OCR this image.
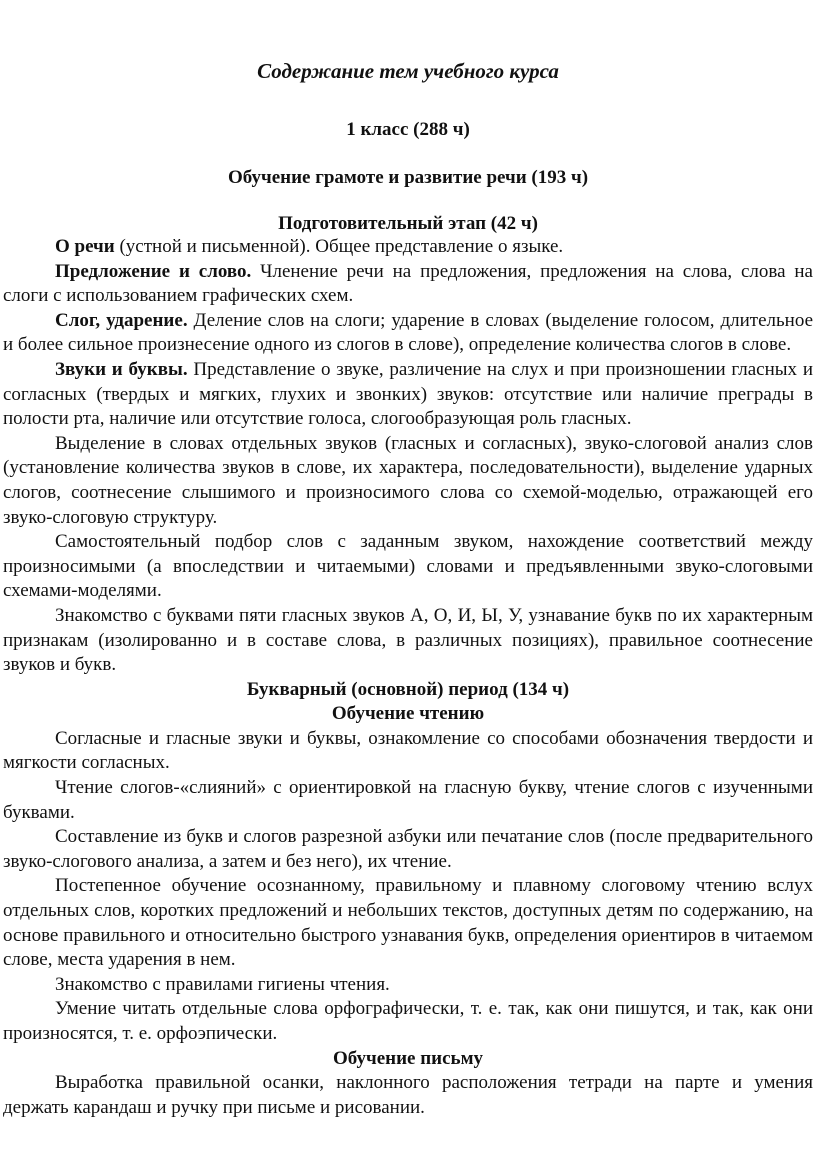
Содержание тем учебного курса
1 класс (288 ч)
Обучение грамоте и развитие речи (193 ч)
Подготовительный этап (42 ч)

О речи (устной и письменной). Общее представление о языке.

Предложение и слово. Членение речи на предложения, предложения на слова, слова на слоги с использованием графических схем.

Слог, ударение. Деление слов на слоги; ударение в словах (выделение голосом, длительное и более сильное произнесение одного из слогов в слове), определение количества слогов в слове.

Звуки и буквы. Представление о звуке, различение на слух и при произношении гласных и согласных (твердых и мягких, глухих и звонких) звуков: отсутствие или наличие преграды в полости рта, наличие или отсутствие голоса, слогообразующая роль гласных.

Выделение в словах отдельных звуков (гласных и согласных), звуко-слоговой анализ слов (установление количества звуков в слове, их характера, последовательности), выделение ударных слогов, соотнесение слышимого и произносимого слова со схемой-моделью, отражающей его звуко-слоговую структуру.

Самостоятельный подбор слов с заданным звуком, нахождение соответствий между произносимыми (а впоследствии и читаемыми) словами и предъявленными звуко-слоговыми схемами-моделями.

Знакомство с буквами пяти гласных звуков А, О, И, Ы, У, узнавание букв по их характерным признакам (изолированно и в составе слова, в различных позициях), правильное соотнесение звуков и букв.

Букварный (основной) период (134 ч)
Обучение чтению

Согласные и гласные звуки и буквы, ознакомление со способами обозначения твердости и мягкости согласных.

Чтение слогов-«слияний» с ориентировкой на гласную букву, чтение слогов с изученными буквами.

Составление из букв и слогов разрезной азбуки или печатание слов (после предварительного звуко-слогового анализа, а затем и без него), их чтение.

Постепенное обучение осознанному, правильному и плавному слоговому чтению вслух отдельных слов, коротких предложений и небольших текстов, доступных детям по содержанию, на основе правильного и относительно быстрого узнавания букв, определения ориентиров в читаемом слове, места ударения в нем.

Знакомство с правилами гигиены чтения.

Умение читать отдельные слова орфографически, т. е. так, как они пишутся, и так, как они произносятся, т. е. орфоэпически.

Обучение письму

Выработка правильной осанки, наклонного расположения тетради на парте и умения держать карандаш и ручку при письме и рисовании.
